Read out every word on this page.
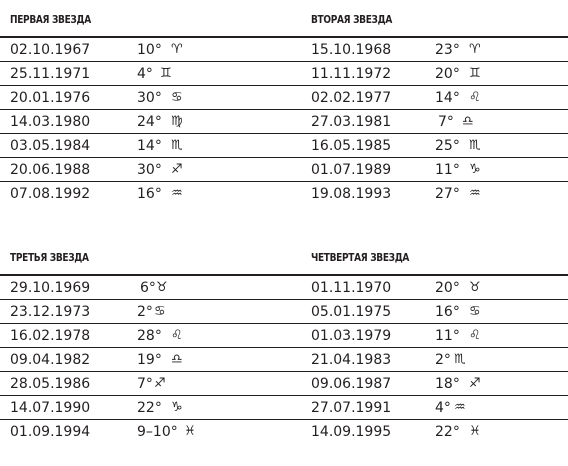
ПЕРВАЯ ЗВЕЗДА	ВТОРАЯ ЗВЕЗДА
02.10.1967	10° ♈	15.10.1968	23° ♈
25.11.1971	4° ♊	11.11.1972	20° ♊
20.01.1976	30° ♋	02.02.1977	14° ♌
14.03.1980	24° ♍	27.03.1981	7° ♎
03.05.1984	14° ♏	16.05.1985	25° ♏
20.06.1988	30° ♐	01.07.1989	11° ♑
07.08.1992	16° ♒	19.08.1993	27° ♒
ТРЕТЬЯ ЗВЕЗДА	ЧЕТВЕРТАЯ ЗВЕЗДА
29.10.1969	6° ♉	01.11.1970	20° ♉
23.12.1973	2° ♋	05.01.1975	16° ♋
16.02.1978	28° ♌	01.03.1979	11° ♌
09.04.1982	19° ♎	21.04.1983	2° ♏
28.05.1986	7° ♐	09.06.1987	18° ♐
14.07.1990	22° ♑	27.07.1991	4° ♒
01.09.1994	9–10° ♓	14.09.1995	22° ♓
